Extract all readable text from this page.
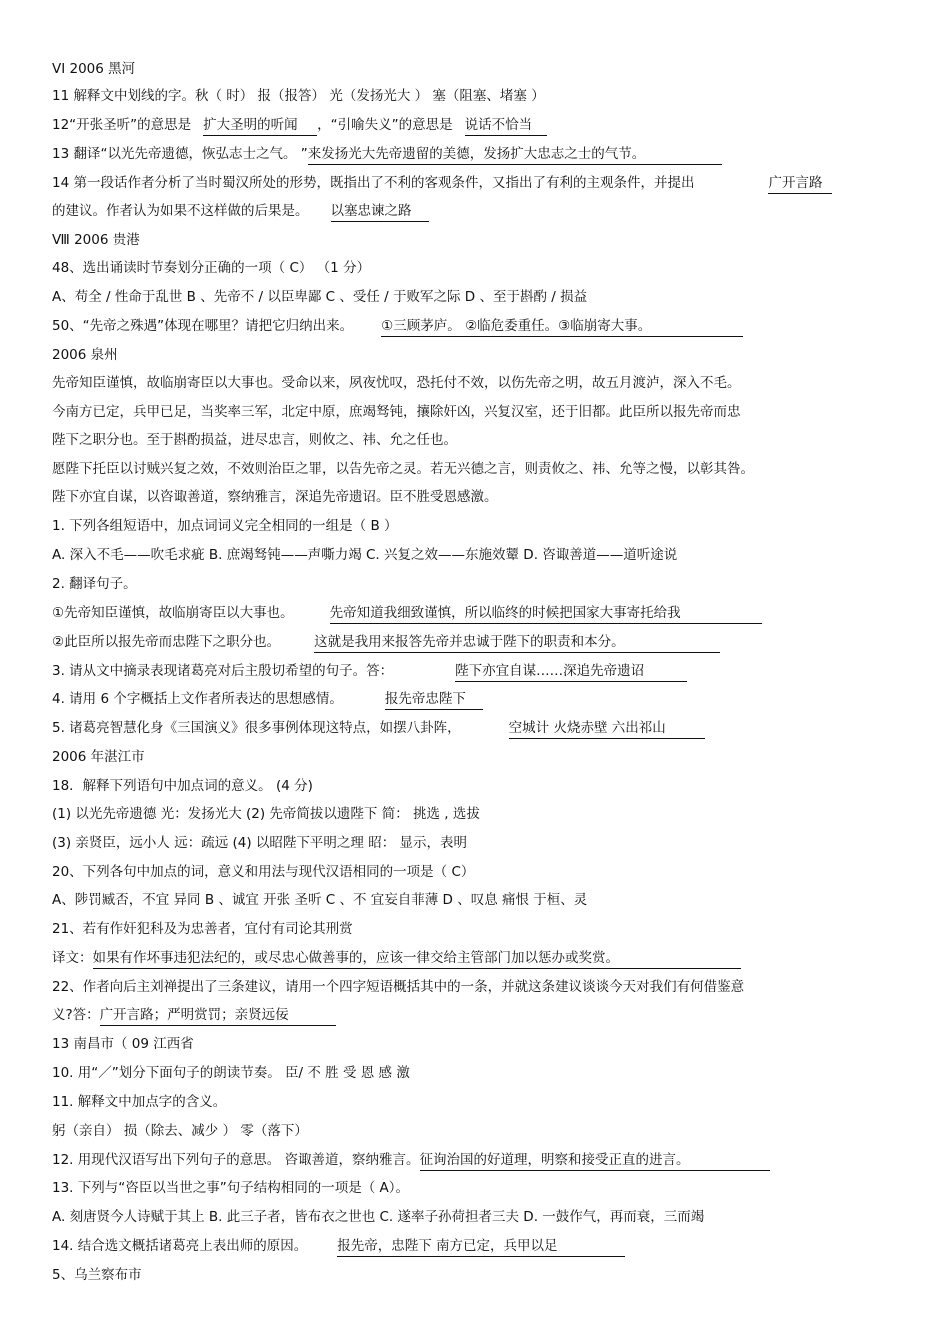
VI 2006 黑河
11 解释文中划线的字。秋（ 时） 报（报答） 光（发扬光大 ） 塞（阻塞、堵塞 ）
12“开张圣听”的意思是 扩大圣明的听闻 ，“引喻失义”的意思是 说话不恰当
13 翻译“以光先帝遗德，恢弘志士之气。 ”来发扬光大先帝遗留的美德，发扬扩大忠志之士的气节。
14 第一段话作者分析了当时蜀汉所处的形势，既指出了不利的客观条件，又指出了有利的主观条件，并提出	广开言路
的建议。作者认为如果不这样做的后果是。 以塞忠谏之路
Ⅷ 2006 贵港
48、选出诵读时节奏划分正确的一项（ C） （1 分）
A、苟全 / 性命于乱世 B 、先帝不 / 以臣卑鄙 C 、受任 / 于败军之际 D 、至于斟酌 / 损益
50、“先帝之殊遇”体现在哪里？请把它归纳出来。 ①三顾茅庐。 ②临危委重任。③临崩寄大事。
2006 泉州
先帝知臣谨慎，故临崩寄臣以大事也。受命以来，夙夜忧叹，恐托付不效，以伤先帝之明，故五月渡泸，深入不毛。
今南方已定，兵甲已足，当奖率三军，北定中原，庶竭驽钝，攘除奸凶，兴复汉室，还于旧都。此臣所以报先帝而忠
陛下之职分也。至于斟酌损益，进尽忠言，则攸之、祎、允之任也。
愿陛下托臣以讨贼兴复之效，不效则治臣之罪，以告先帝之灵。若无兴德之言，则责攸之、祎、允等之慢，以彰其咎。
陛下亦宜自谋，以咨诹善道，察纳雅言，深追先帝遗诏。臣不胜受恩感激。
1. 下列各组短语中，加点词词义完全相同的一组是（ B ）
A. 深入不毛——吹毛求疵 B. 庶竭驽钝——声嘶力竭 C. 兴复之效——东施效颦 D. 咨诹善道——道听途说
2. 翻译句子。
①先帝知臣谨慎，故临崩寄臣以大事也。	先帝知道我细致谨慎，所以临终的时候把国家大事寄托给我
②此臣所以报先帝而忠陛下之职分也。	这就是我用来报答先帝并忠诚于陛下的职责和本分。
3. 请从文中摘录表现诸葛亮对后主殷切希望的句子。答：	陛下亦宜自谋……深追先帝遗诏
4. 请用 6 个字概括上文作者所表达的思想感情。	报先帝忠陛下
5. 诸葛亮智慧化身《三国演义》很多事例体现这特点，如摆八卦阵，	空城计 火烧赤壁 六出祁山
2006 年湛江市
18．解释下列语句中加点词的意义。 (4 分)
(1) 以光先帝遗德 光：发扬光大 (2) 先帝简拔以遗陛下 简： 挑选 , 选拔
(3) 亲贤臣，远小人 远：疏远 (4) 以昭陛下平明之理 昭： 显示，表明
20、下列各句中加点的词，意义和用法与现代汉语相同的一项是（ C）
A、陟罚臧否，不宜 异同 B 、诚宜 开张 圣听 C 、不 宜妄自菲薄 D 、叹息 痛恨 于桓、灵
21、若有作奸犯科及为忠善者，宜付有司论其刑赏
译文：如果有作坏事违犯法纪的，或尽忠心做善事的，应该一律交给主管部门加以惩办或奖赏。
22、作者向后主刘禅提出了三条建议，请用一个四字短语概括其中的一条，并就这条建议谈谈今天对我们有何借鉴意
义?答：广开言路；严明赏罚；亲贤远佞
13 南昌市（ 09 江西省
10. 用“／”划分下面句子的朗读节奏。 臣/ 不 胜 受 恩 感 激
11. 解释文中加点字的含义。
躬（亲自） 损（除去、减少 ） 零（落下）
12. 用现代汉语写出下列句子的意思。 咨诹善道，察纳雅言。征询治国的好道理，明察和接受正直的进言。
13. 下列与“咨臣以当世之事”句子结构相同的一项是（ A）。
A. 刻唐贤今人诗赋于其上 B. 此三子者，皆布衣之世也 C. 遂率子孙荷担者三夫 D. 一鼓作气，再而衰，三而竭
14. 结合选文概括诸葛亮上表出师的原因。 报先帝，忠陛下 南方已定，兵甲以足
5、乌兰察布市
